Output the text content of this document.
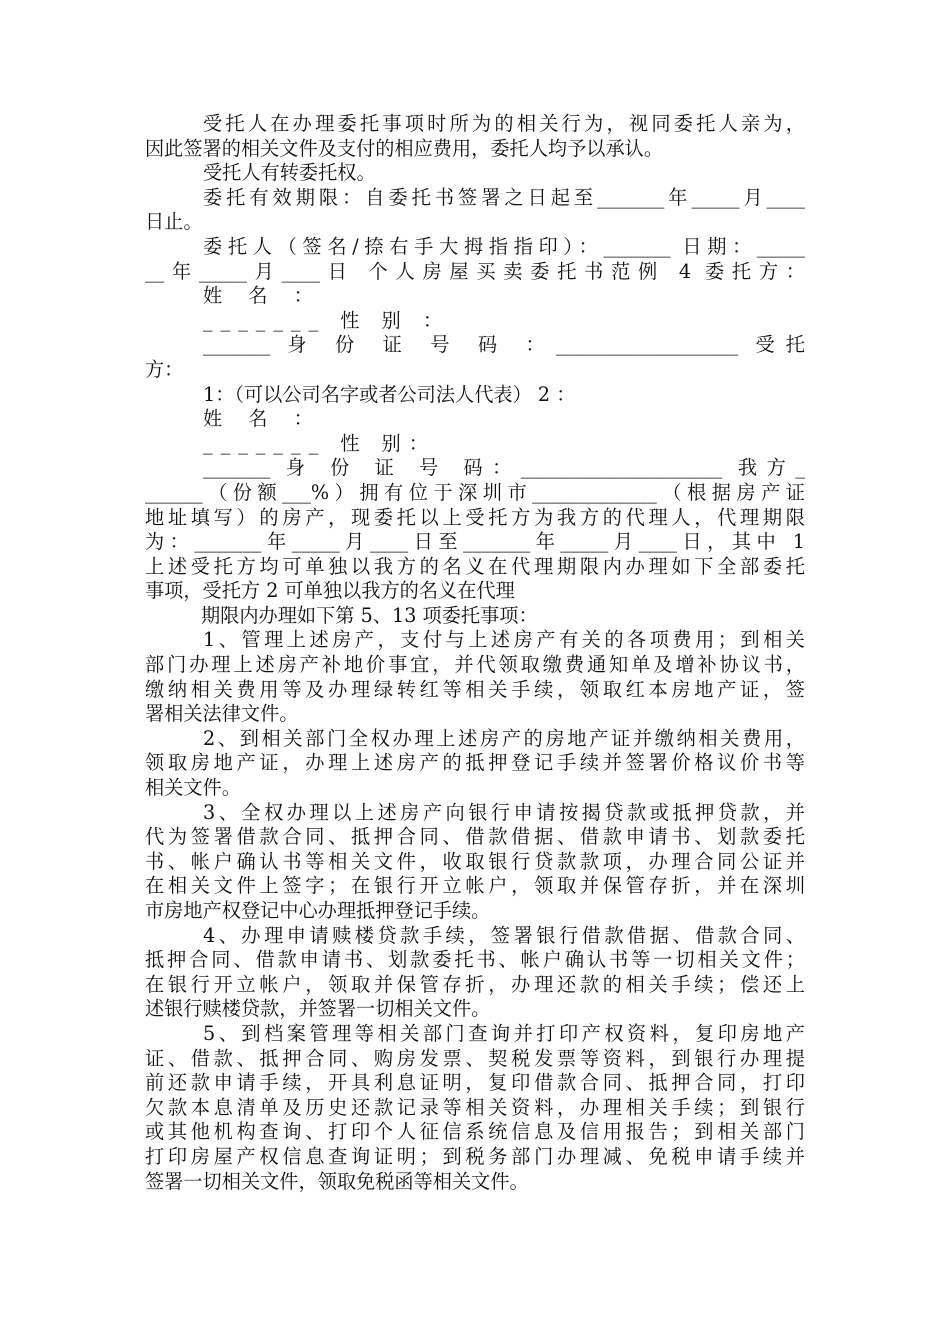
受托人在办理委托事项时所为的相关行为，视同委托人亲为，
因此签署的相关文件及支付的相应费用，委托人均予以承认。
受托人有转委托权。
委托有效期限：自委托书签署之日起至_______年_____月____
日止。
委托人（签名/捺右手大拇指指印）：_______ 日期：_____
__年_____月____日 个人房屋买卖委托书范例 4 委托方：
姓 名 ：
_______ 性 别 ：
_______ 身 份 证 号 码 ：___________________ 受托
方：
1：（可以公司名字或者公司法人代表） 2 ：
姓 名 ：
_______ 性 别：
_______ 身 份 证 号 码：_____________________ 我方_
______（份额___%）拥有位于深圳市_____________（根据房产证
地址填写）的房产，现委托以上受托方为我方的代理人，代理期限
为：_______年_____月____日至_______年_____月____日，其中 1
上述受托方均可单独以我方的名义在代理期限内办理如下全部委托
事项，受托方 2 可单独以我方的名义在代理
期限内办理如下第 5、13 项委托事项：
1、管理上述房产，支付与上述房产有关的各项费用；到相关
部门办理上述房产补地价事宜，并代领取缴费通知单及增补协议书，
缴纳相关费用等及办理绿转红等相关手续，领取红本房地产证，签
署相关法律文件。
2、到相关部门全权办理上述房产的房地产证并缴纳相关费用，
领取房地产证，办理上述房产的抵押登记手续并签署价格议价书等
相关文件。
3、全权办理以上述房产向银行申请按揭贷款或抵押贷款，并
代为签署借款合同、抵押合同、借款借据、借款申请书、划款委托
书、帐户确认书等相关文件，收取银行贷款款项，办理合同公证并
在相关文件上签字；在银行开立帐户，领取并保管存折，并在深圳
市房地产权登记中心办理抵押登记手续。
4、办理申请赎楼贷款手续，签署银行借款借据、借款合同、
抵押合同、借款申请书、划款委托书、帐户确认书等一切相关文件；
在银行开立帐户，领取并保管存折，办理还款的相关手续；偿还上
述银行赎楼贷款，并签署一切相关文件。
5、到档案管理等相关部门查询并打印产权资料，复印房地产
证、借款、抵押合同、购房发票、契税发票等资料，到银行办理提
前还款申请手续，开具利息证明，复印借款合同、抵押合同，打印
欠款本息清单及历史还款记录等相关资料，办理相关手续；到银行
或其他机构查询、打印个人征信系统信息及信用报告；到相关部门
打印房屋产权信息查询证明；到税务部门办理减、免税申请手续并
签署一切相关文件，领取免税函等相关文件。
